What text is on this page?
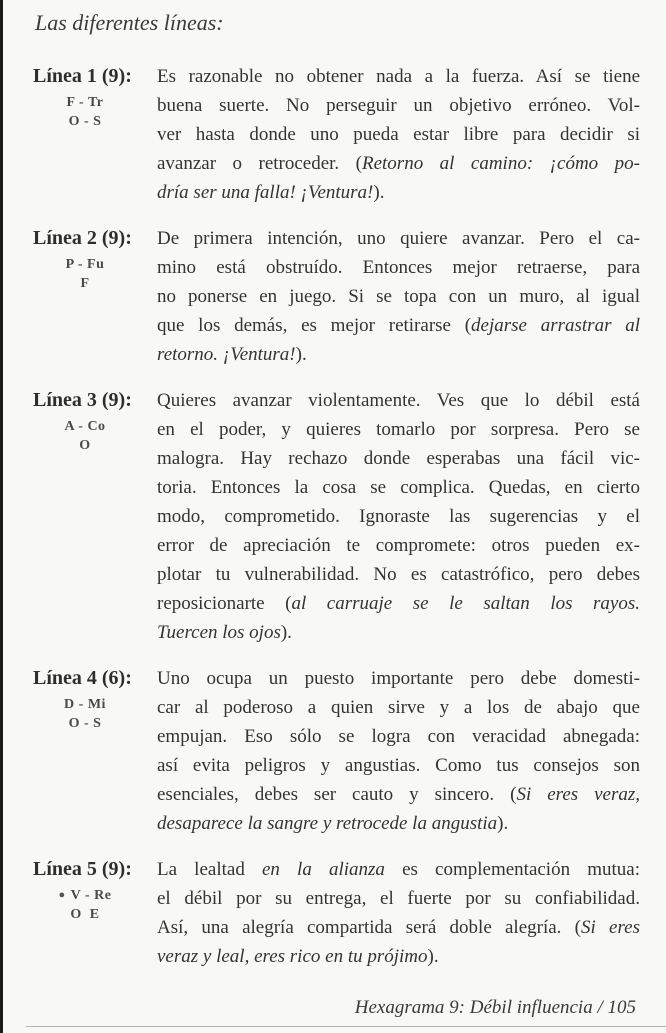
Las diferentes líneas:
Línea 1 (9):
F - Tr
O - S
Es razonable no obtener nada a la fuerza. Así se tiene
buena suerte. No perseguir un objetivo erróneo. Vol-
ver hasta donde uno pueda estar libre para decidir si
avanzar o retroceder. (Retorno al camino: ¡cómo po-
dría ser una falla! ¡Ventura!).
Línea 2 (9):
P - Fu
F
De primera intención, uno quiere avanzar. Pero el ca-
mino está obstruído. Entonces mejor retraerse, para
no ponerse en juego. Si se topa con un muro, al igual
que los demás, es mejor retirarse (dejarse arrastrar al
retorno. ¡Ventura!).
Línea 3 (9):
A - Co
O
Quieres avanzar violentamente. Ves que lo débil está
en el poder, y quieres tomarlo por sorpresa. Pero se
malogra. Hay rechazo donde esperabas una fácil vic-
toria. Entonces la cosa se complica. Quedas, en cierto
modo, comprometido. Ignoraste las sugerencias y el
error de apreciación te compromete: otros pueden ex-
plotar tu vulnerabilidad. No es catastrófico, pero debes
reposicionarte (al carruaje se le saltan los rayos.
Tuercen los ojos).
Línea 4 (6):
D - Mi
O - S
Uno ocupa un puesto importante pero debe domesti-
car al poderoso a quien sirve y a los de abajo que
empujan. Eso sólo se logra con veracidad abnegada:
así evita peligros y angustias. Como tus consejos son
esenciales, debes ser cauto y sincero. (Si eres veraz,
desaparece la sangre y retrocede la angustia).
Línea 5 (9):
● V - Re
O  E
La lealtad en la alianza es complementación mutua:
el débil por su entrega, el fuerte por su confiabilidad.
Así, una alegría compartida será doble alegría. (Si eres
veraz y leal, eres rico en tu prójimo).
Hexagrama 9: Débil influencia / 105
